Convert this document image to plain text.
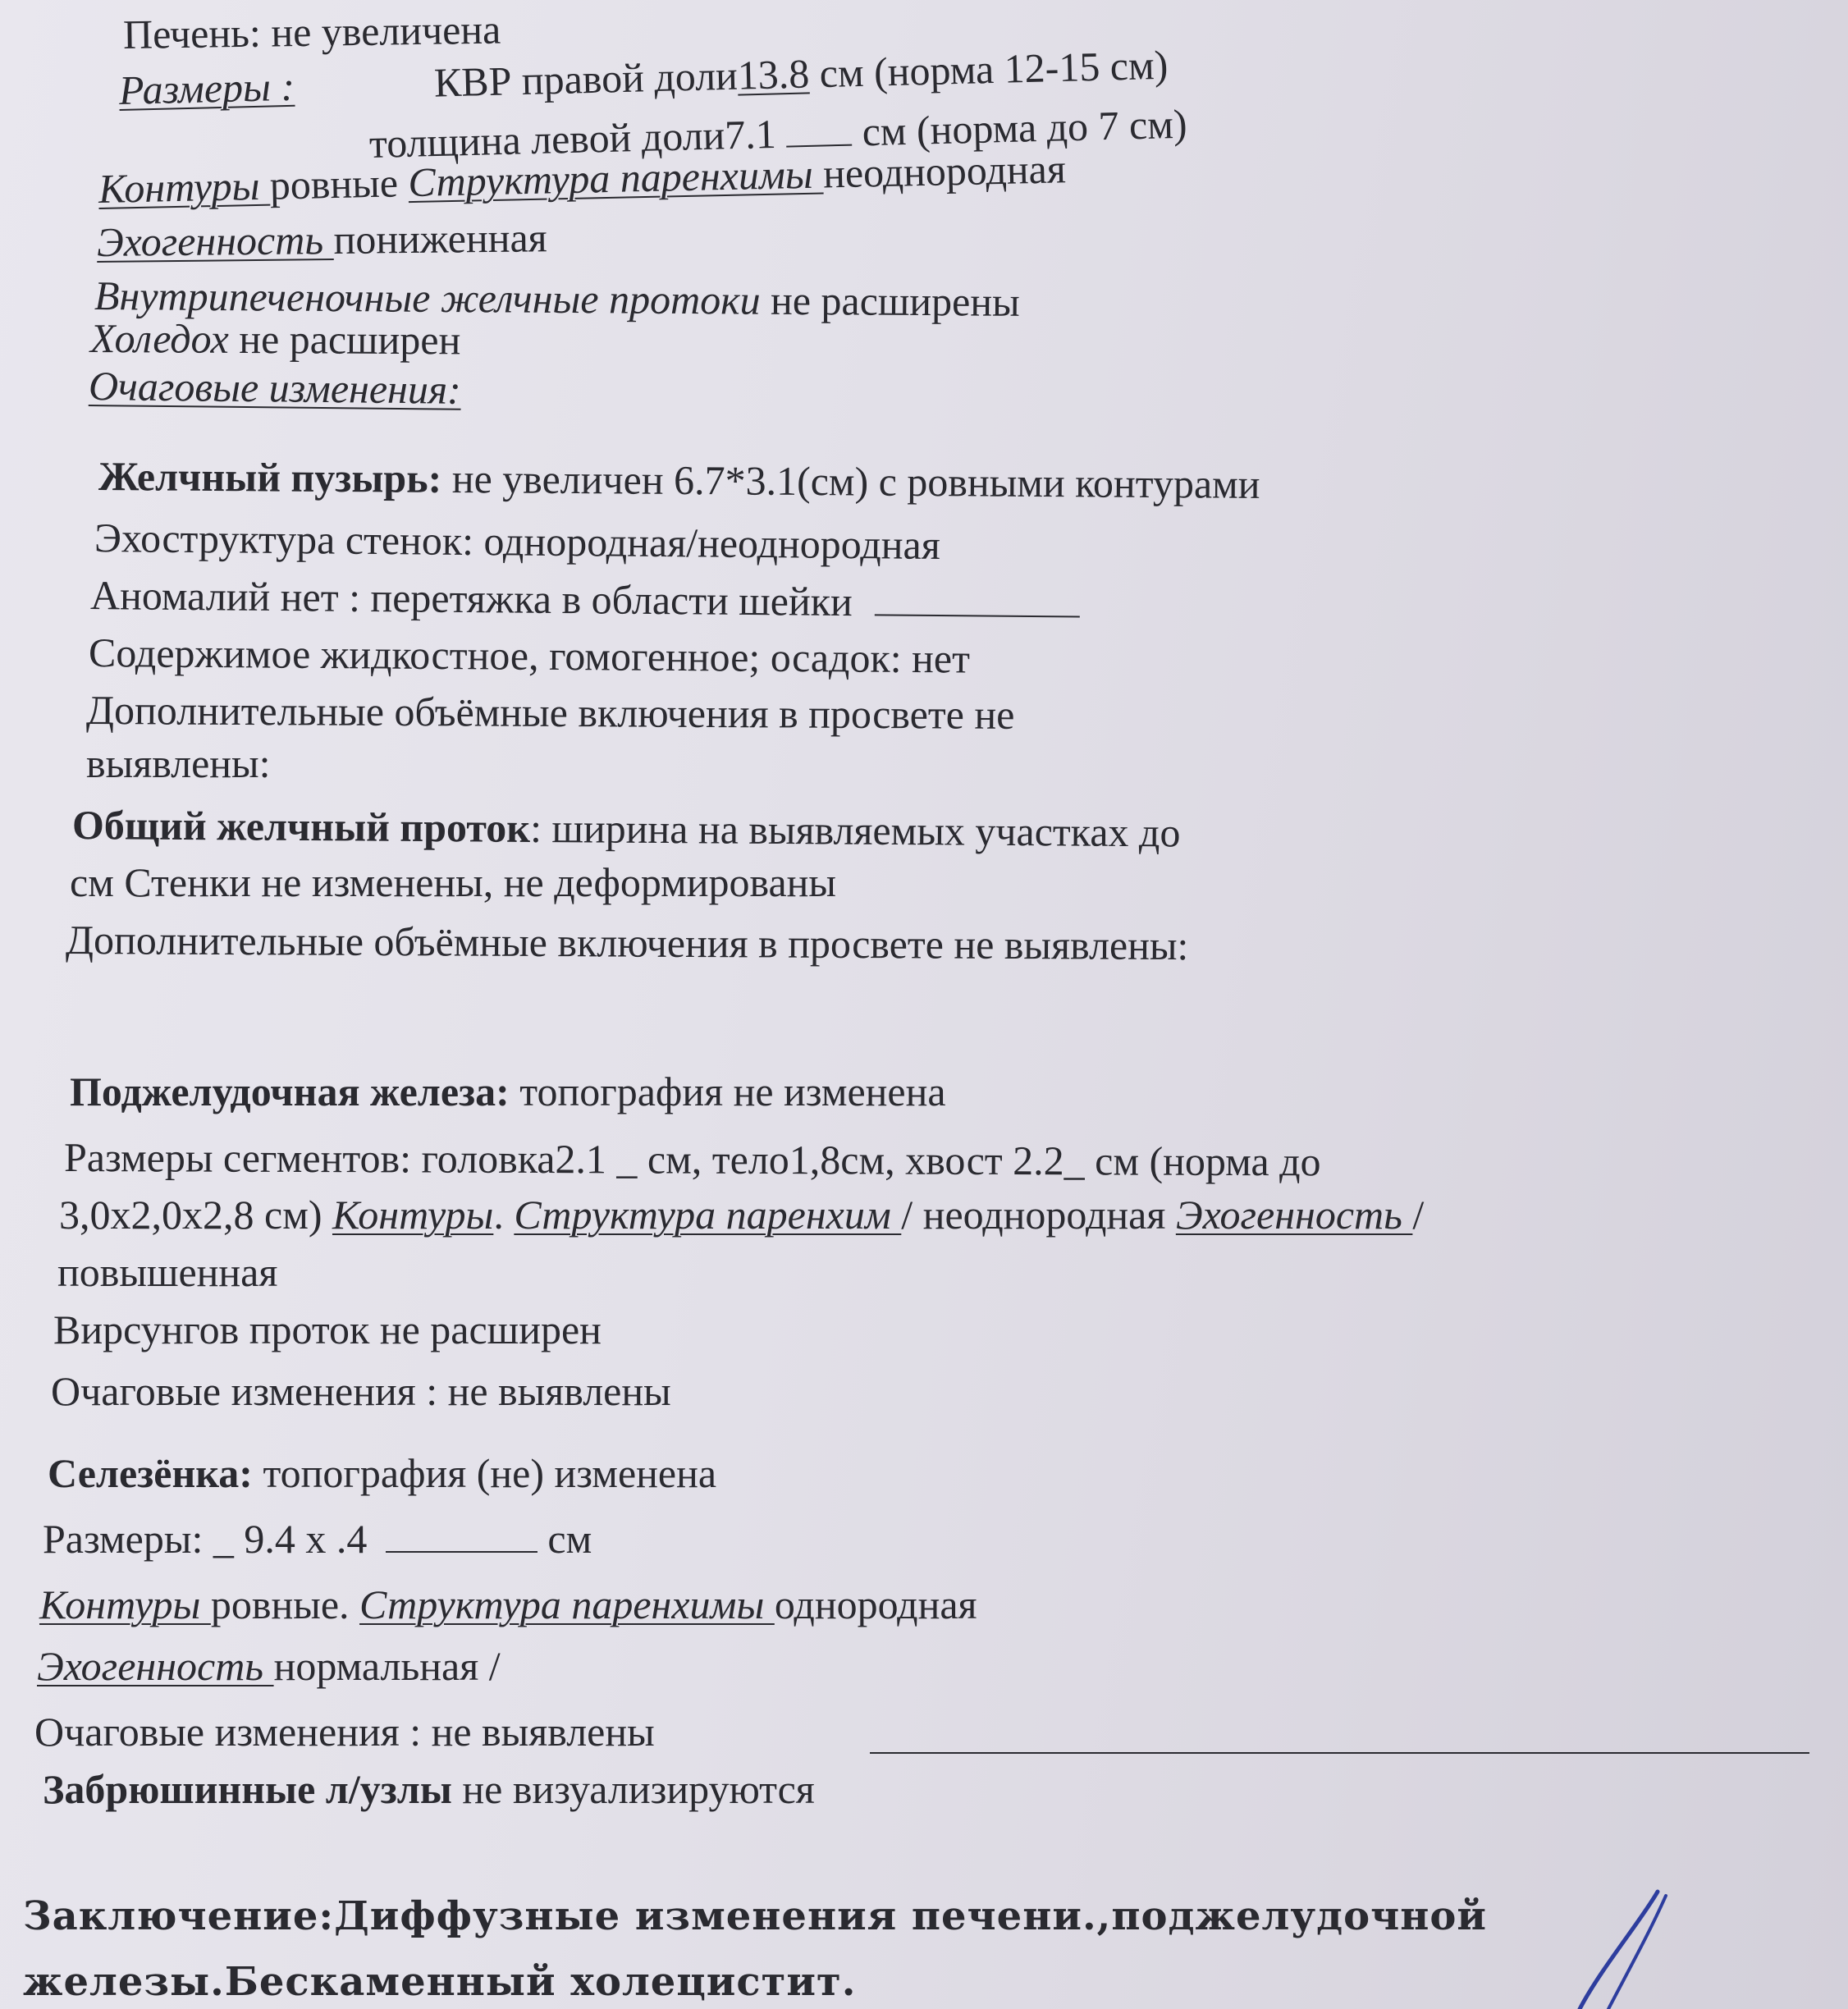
Печень: не увеличена
Размеры :	КВР правой доли13.8 см (норма 12-15 см)
толщина левой доли7.1  см (норма до 7 см)
Контуры ровные Структура паренхимы неоднородная
Эхогенность пониженная
Внутрипеченочные желчные протоки не расширены
Холедох не расширен
Очаговые изменения:
Желчный пузырь: не увеличен 6.7*3.1(см) с ровными контурами
Эхоструктура стенок: однородная/неоднородная
Аномалий нет : перетяжка в области шейки
Содержимое жидкостное, гомогенное; осадок: нет
Дополнительные объёмные включения в просвете не
выявлены:
Общий желчный проток: ширина на выявляемых участках до
см Стенки не изменены, не деформированы
Дополнительные объёмные включения в просвете не выявлены:
Поджелудочная железа: топография не изменена
Размеры сегментов: головка2.1 _ см, тело1,8см, хвост 2.2_ см (норма до
3,0х2,0х2,8 см) Контуры. Структура паренхим / неоднородная Эхогенность /
повышенная
Вирсунгов проток не расширен
Очаговые изменения : не выявлены
Селезёнка: топография (не) изменена
Размеры: _ 9.4 х .4	см
Контуры ровные. Структура паренхимы однородная
Эхогенность нормальная /
Очаговые изменения : не выявлены
Забрюшинные л/узлы не визуализируются
Заключение:Диффузные изменения печени.,поджелудочной
железы.Бескаменный холецистит.
